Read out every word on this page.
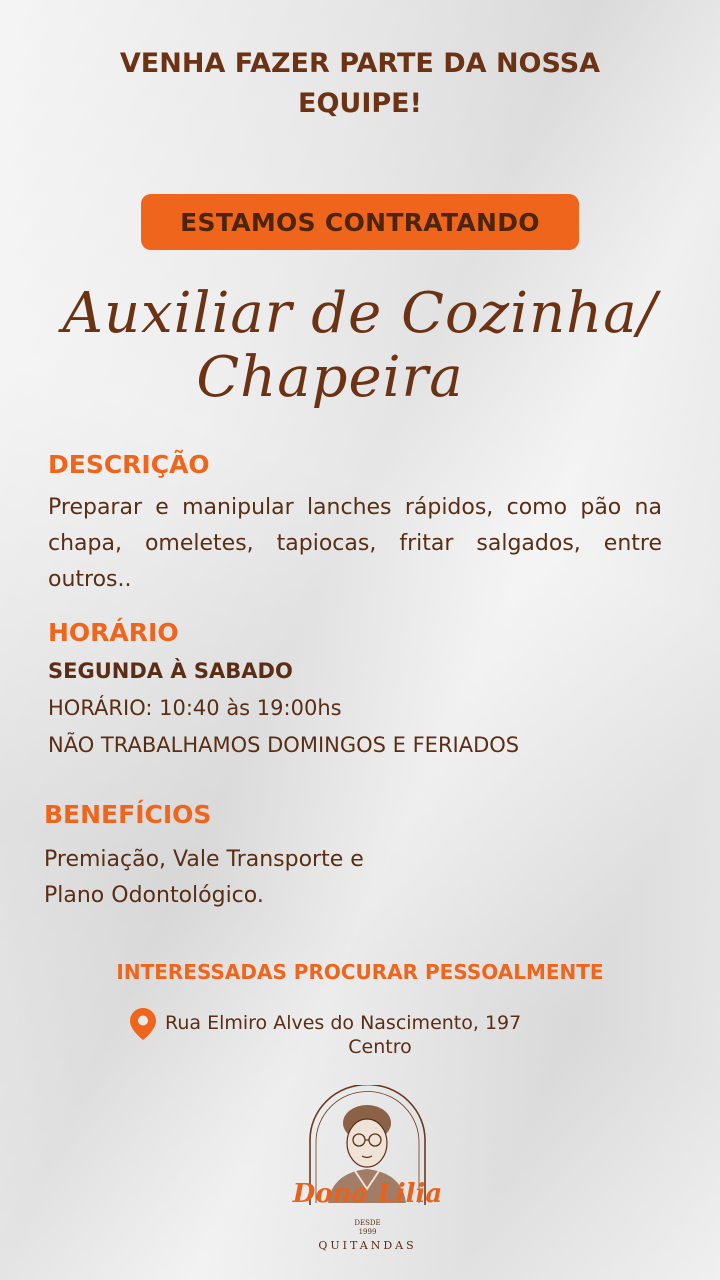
VENHA FAZER PARTE DA NOSSA
EQUIPE!
ESTAMOS CONTRATANDO
Auxiliar de Cozinha/
Chapeira
DESCRIÇÃO
Preparar e manipular lanches rápidos, como pão na chapa, omeletes, tapiocas, fritar salgados, entre outros..
HORÁRIO
SEGUNDA À SABADO
HORÁRIO: 10:40 às 19:00hs
NÃO TRABALHAMOS DOMINGOS E FERIADOS
BENEFÍCIOS
Premiação, Vale Transporte e
Plano Odontológico.
INTERESSADAS PROCURAR PESSOALMENTE
Rua Elmiro Alves do Nascimento, 197
Centro
Dona Lilia
DESDE
1999
QUITANDAS
